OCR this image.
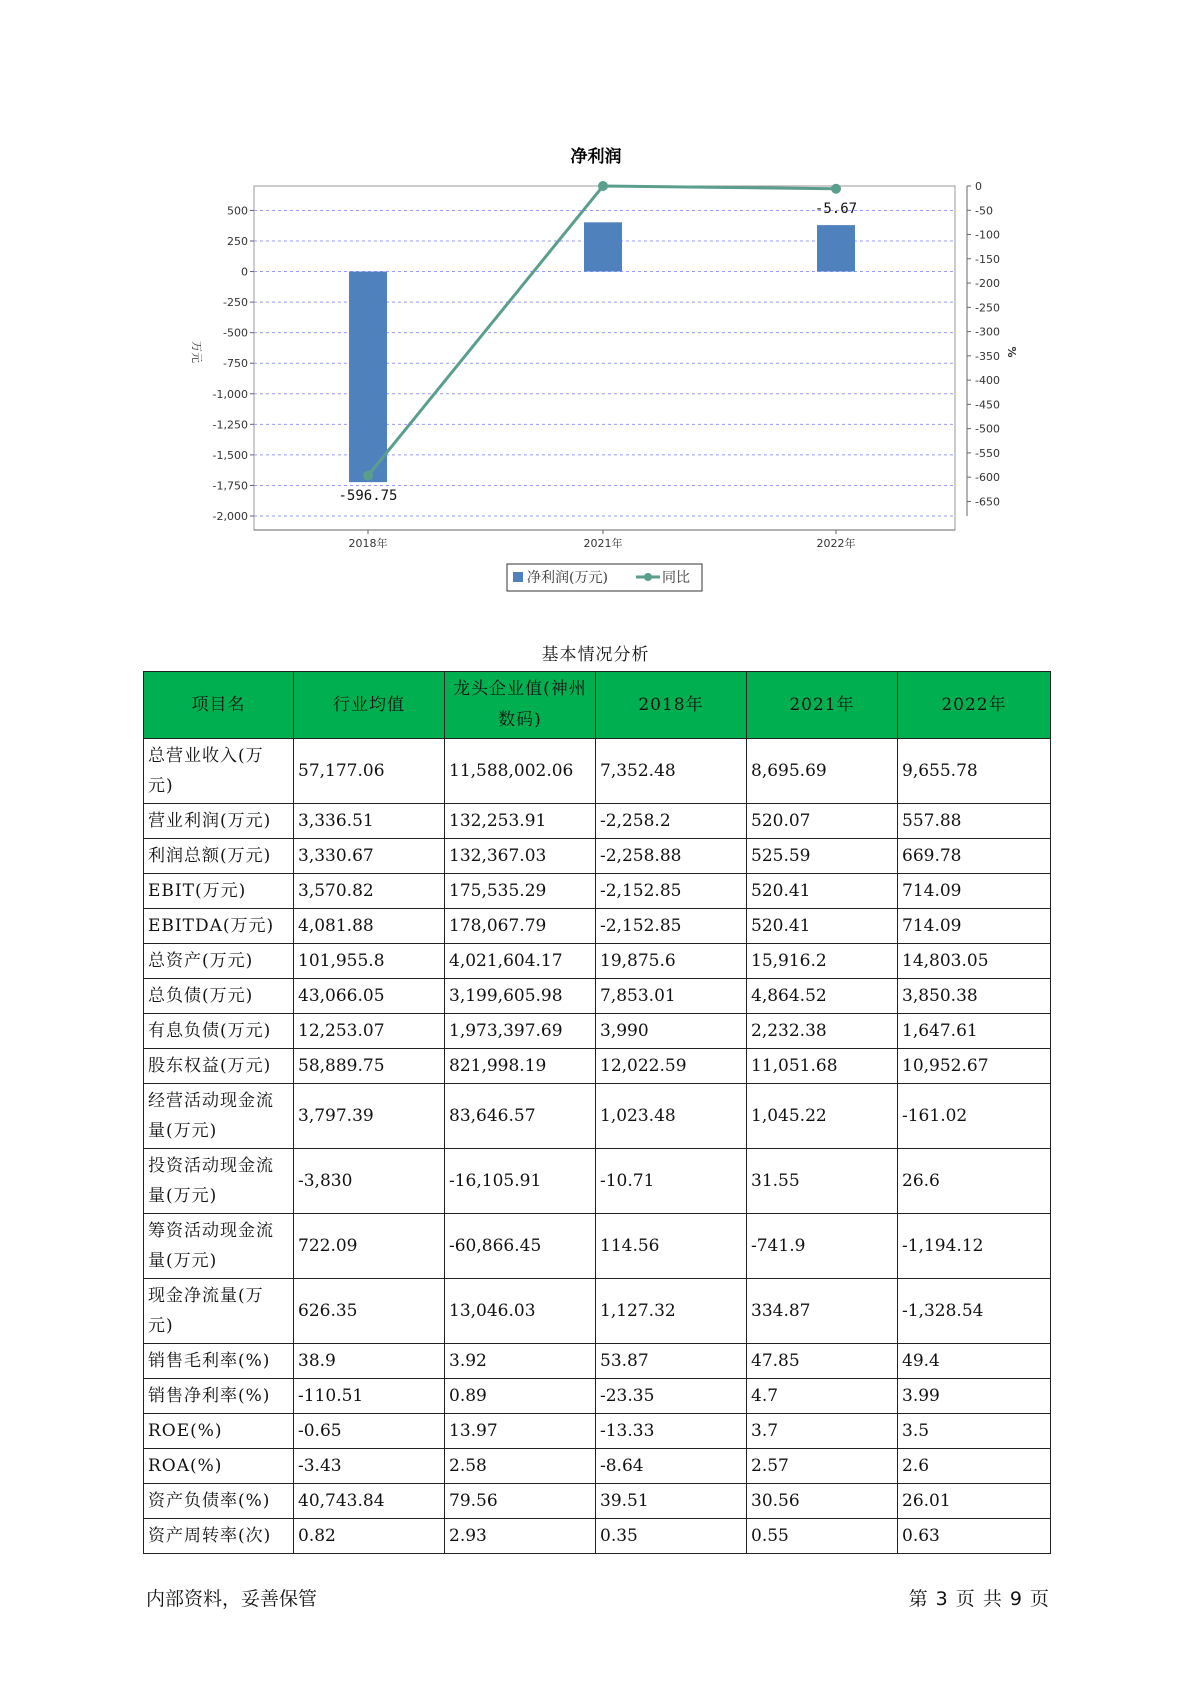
净利润
500
250
0
-250
-500
-750
-1,000
-1,250
-1,500
-1,750
-2,000
0
-50
-100
-150
-200
-250
-300
-350
-400
-450
-500
-550
-600
-650
万元	%
2018年	2021年	2022年
-596.75
-5.67
净利润(万元)	同比
基本情况分析
项目名	行业均值	龙头企业值(神州数码)	2018年	2021年	2022年
总营业收入(万元)	57,177.06	11,588,002.06	7,352.48	8,695.69	9,655.78
营业利润(万元)	3,336.51	132,253.91	-2,258.2	520.07	557.88
利润总额(万元)	3,330.67	132,367.03	-2,258.88	525.59	669.78
EBIT(万元)	3,570.82	175,535.29	-2,152.85	520.41	714.09
EBITDA(万元)	4,081.88	178,067.79	-2,152.85	520.41	714.09
总资产(万元)	101,955.8	4,021,604.17	19,875.6	15,916.2	14,803.05
总负债(万元)	43,066.05	3,199,605.98	7,853.01	4,864.52	3,850.38
有息负债(万元)	12,253.07	1,973,397.69	3,990	2,232.38	1,647.61
股东权益(万元)	58,889.75	821,998.19	12,022.59	11,051.68	10,952.67
经营活动现金流量(万元)	3,797.39	83,646.57	1,023.48	1,045.22	-161.02
投资活动现金流量(万元)	-3,830	-16,105.91	-10.71	31.55	26.6
筹资活动现金流量(万元)	722.09	-60,866.45	114.56	-741.9	-1,194.12
现金净流量(万元)	626.35	13,046.03	1,127.32	334.87	-1,328.54
销售毛利率(%)	38.9	3.92	53.87	47.85	49.4
销售净利率(%)	-110.51	0.89	-23.35	4.7	3.99
ROE(%)	-0.65	13.97	-13.33	3.7	3.5
ROA(%)	-3.43	2.58	-8.64	2.57	2.6
资产负债率(%)	40,743.84	79.56	39.51	30.56	26.01
资产周转率(次)	0.82	2.93	0.35	0.55	0.63
内部资料，妥善保管	第 3 页 共 9 页
